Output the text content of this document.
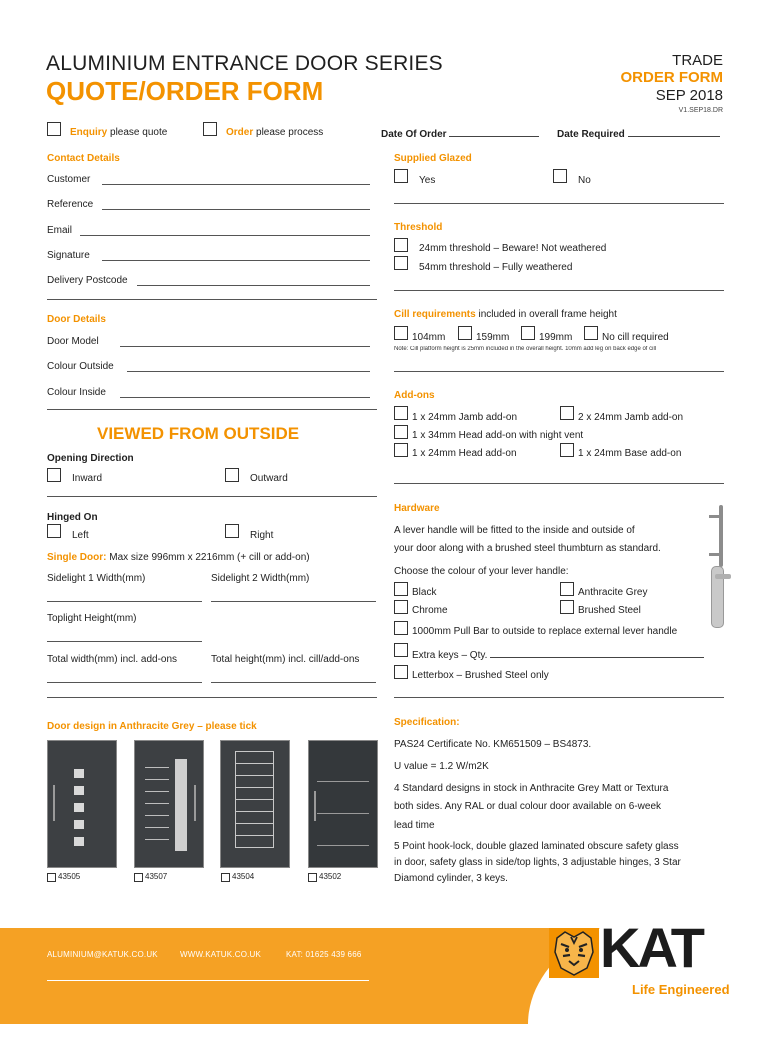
ALUMINIUM ENTRANCE DOOR SERIES
QUOTE/ORDER FORM
TRADE
ORDER FORM
SEP 2018
V1.SEP18.DR
Enquiry please quote	Order please process	Date Of Order	Date Required
Contact Details
Customer
Reference
Email
Signature
Delivery Postcode
Door Details
Door Model
Colour Outside
Colour Inside
VIEWED FROM OUTSIDE
Opening Direction
Inward	Outward
Hinged On
Left	Right
Single Door: Max size 996mm x 2216mm (+ cill or add-on)
Sidelight 1 Width(mm)	Sidelight 2 Width(mm)
Toplight Height(mm)
Total width(mm) incl. add-ons	Total height(mm) incl. cill/add-ons
Door design in Anthracite Grey – please tick
43505	43507	43504	43502
Supplied Glazed
Yes	No
Threshold
24mm threshold – Beware! Not weathered
54mm threshold – Fully weathered
Cill requirements included in overall frame height
104mm	159mm	199mm	No cill required
Note: Cill platform height is 25mm included in the overall height. 10mm add leg on back edge of cill
Add-ons
1 x 24mm Jamb add-on	2 x 24mm Jamb add-on
1 x 34mm Head add-on with night vent
1 x 24mm Head add-on	1 x 24mm Base add-on
Hardware
A lever handle will be fitted to the inside and outside of
your door along with a brushed steel thumbturn as standard.
Choose the colour of your lever handle:
Black	Anthracite Grey
Chrome	Brushed Steel
1000mm Pull Bar to outside to replace external lever handle
Extra keys – Qty.
Letterbox – Brushed Steel only
Specification:
PAS24 Certificate No. KM651509 – BS4873.
U value = 1.2 W/m2K
4 Standard designs in stock in Anthracite Grey Matt or Textura
both sides. Any RAL or dual colour door available on 6-week
lead time
5 Point hook-lock, double glazed laminated obscure safety glass
in door, safety glass in side/top lights, 3 adjustable hinges, 3 Star
Diamond cylinder, 3 keys.
ALUMINIUM@KATUK.CO.UK	WWW.KATUK.CO.UK	KAT: 01625 439 666	KAT
Life Engineered
